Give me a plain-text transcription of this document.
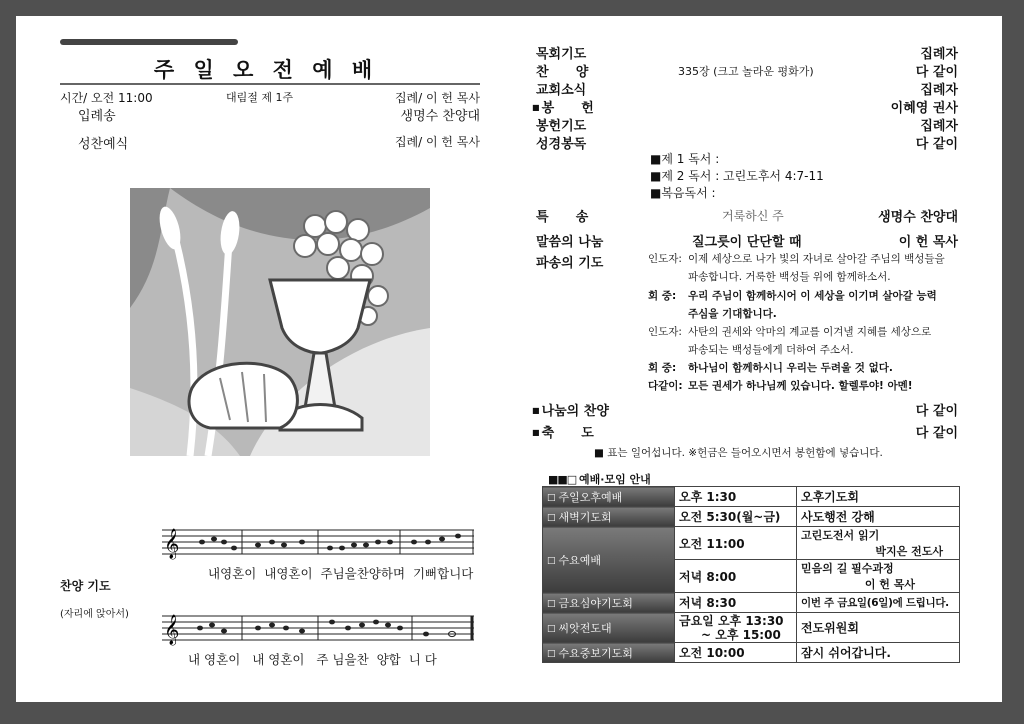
주 일 오 전 예 배
시간/ 오전 11:00	대림절 제 1주	집례/ 이 헌 목사
입례송	생명수 찬양대
성찬예식	집례/ 이 헌 목사
𝄞
내영혼이  내영혼이  주님을찬양하며  기뻐합니다
찬양 기도
(자리에 앉아서)
𝄞
내 영혼이   내 영혼이   주 님을찬  양합  니 다
목회기도	집례자
찬      양	335장 (크고 놀라운 평화가)	다 같이
교회소식	집례자
■ 봉      헌	이혜영 권사
봉헌기도	집례자
성경봉독	다 같이
■제 1 독서 :
■제 2 독서 : 고린도후서 4:7-11
■복음독서 :
특      송	거룩하신 주	생명수 찬양대
말씀의 나눔	질그릇이 단단할 때	이 헌 목사
파송의 기도	인도자: 이제 세상으로 나가 빛의 자녀로 살아갈 주님의 백성들을
파송합니다. 거룩한 백성들 위에 함께하소서.
회 중: 우리 주님이 함께하시어 이 세상을 이기며 살아갈 능력
주심을 기대합니다.
인도자: 사탄의 권세와 악마의 계교를 이겨낼 지혜를 세상으로
파송되는 백성들에게 더하여 주소서.
회 중: 하나님이 함께하시니 우리는 두려울 것 없다.
다같이: 모든 권세가 하나님께 있습니다. 할렐루야! 아멘!
■ 나눔의 찬양	다 같이
■ 축      도	다 같이
■ 표는 일어섭니다. ※헌금은 들어오시면서 봉헌함에 넣습니다.
■■□ 예배·모임 안내
□ 주일오후예배	오후 1:30	오후기도회
□ 새벽기도회	오전 5:30(월~금)	사도행전 강해
□ 수요예배	오전 11:00	고린도전서 읽기
박지은 전도사

	저녁 8:00	믿음의 길 필수과정
이 헌 목사

□ 금요심야기도회	저녁 8:30	이번 주 금요일(6일)에 드립니다.
□ 씨앗전도대	금요일 오후 13:30
~ 오후 15:00	전도위원회
□ 수요중보기도회	오전 10:00	잠시 쉬어갑니다.
